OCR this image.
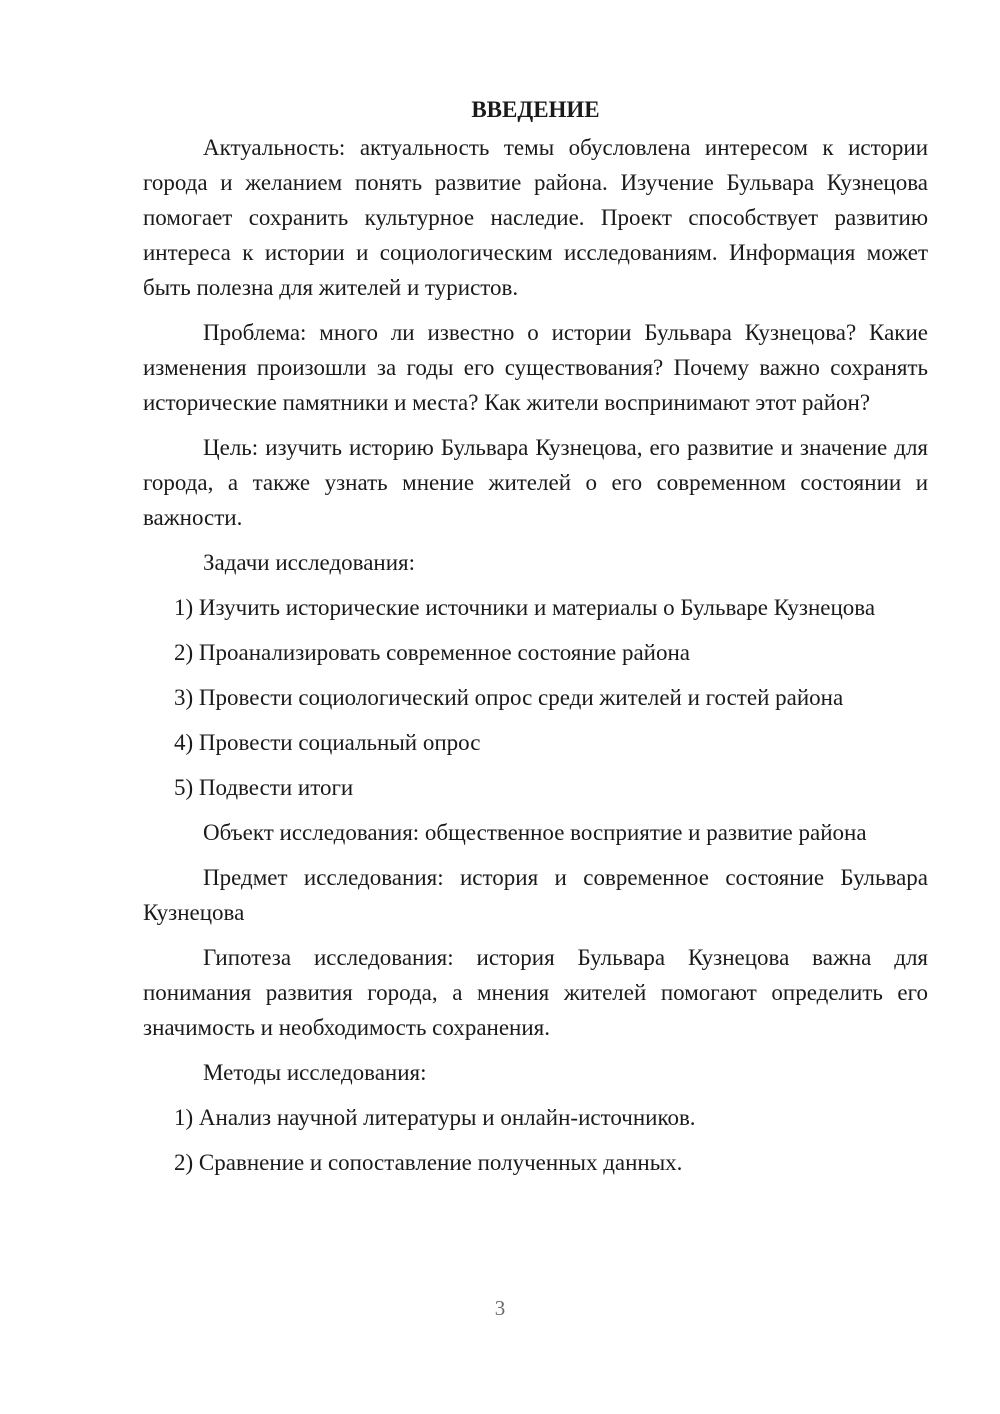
ВВЕДЕНИЕ

Актуальность: актуальность темы обусловлена интересом к истории города и желанием понять развитие района. Изучение Бульвара Кузнецова помогает сохранить культурное наследие. Проект способствует развитию интереса к истории и социологическим исследованиям. Информация может быть полезна для жителей и туристов.

Проблема: много ли известно о истории Бульвара Кузнецова? Какие изменения произошли за годы его существования? Почему важно сохранять исторические памятники и места? Как жители воспринимают этот район?

Цель: изучить историю Бульвара Кузнецова, его развитие и значение для города, а также узнать мнение жителей о его современном состоянии и важности.

Задачи исследования:

1) Изучить исторические источники и материалы о Бульваре Кузнецова

2) Проанализировать современное состояние района

3) Провести социологический опрос среди жителей и гостей района

4) Провести социальный опрос

5) Подвести итоги

Объект исследования: общественное восприятие и развитие района

Предмет исследования: история и современное состояние Бульвара Кузнецова

Гипотеза исследования: история Бульвара Кузнецова важна для понимания развития города, а мнения жителей помогают определить его значимость и необходимость сохранения.

Методы исследования:

1) Анализ научной литературы и онлайн-источников.

2) Сравнение и сопоставление полученных данных.

3
